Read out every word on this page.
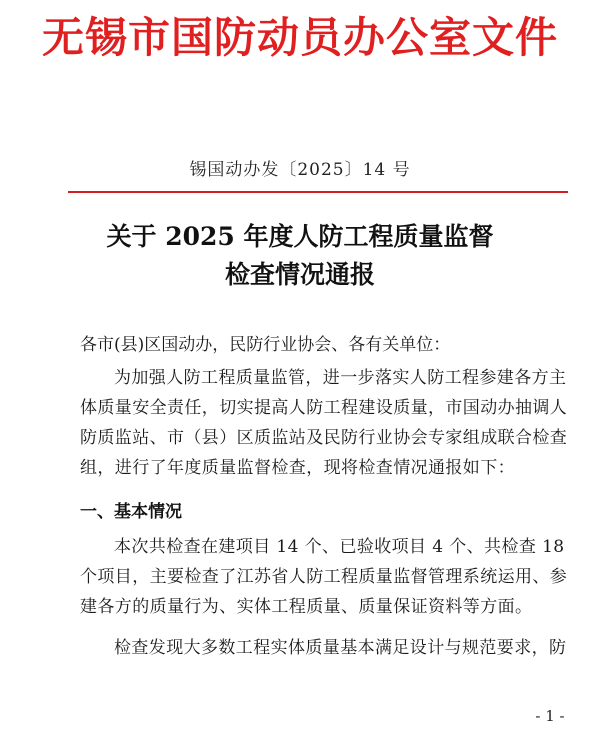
无锡市国防动员办公室文件
锡国动办发〔2025〕14 号
关于 2025 年度人防工程质量监督
检查情况通报
各市(县)区国动办，民防行业协会、各有关单位：
为加强人防工程质量监管，进一步落实人防工程参建各方主体质量安全责任，切实提高人防工程建设质量，市国动办抽调人防质监站、市（县）区质监站及民防行业协会专家组成联合检查组，进行了年度质量监督检查，现将检查情况通报如下：
一、基本情况
本次共检查在建项目 14 个、已验收项目 4 个、共检查 18 个项目，主要检查了江苏省人防工程质量监督管理系统运用、参建各方的质量行为、实体工程质量、质量保证资料等方面。
检查发现大多数工程实体质量基本满足设计与规范要求，防
- 1 -
